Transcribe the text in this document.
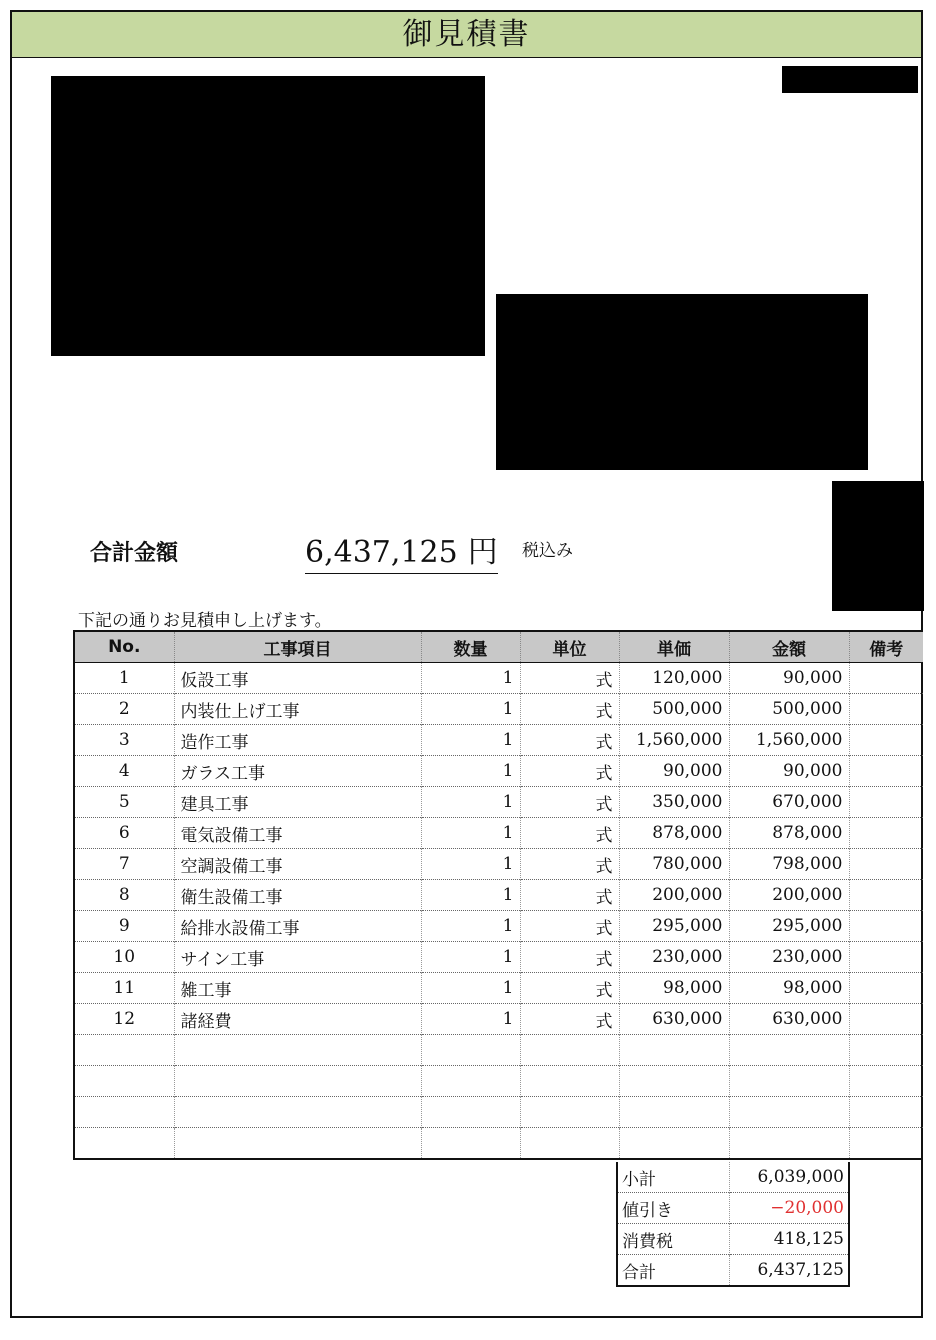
御見積書
合計金額	6,437,125 円 税込み
下記の通りお見積申し上げます。
No.	工事項目	数量	単位	単価	金額	備考
1	仮設工事	1	式	120,000	90,000	
2	内装仕上げ工事	1	式	500,000	500,000	
3	造作工事	1	式	1,560,000	1,560,000	
4	ガラス工事	1	式	90,000	90,000	
5	建具工事	1	式	350,000	670,000	
6	電気設備工事	1	式	878,000	878,000	
7	空調設備工事	1	式	780,000	798,000	
8	衛生設備工事	1	式	200,000	200,000	
9	給排水設備工事	1	式	295,000	295,000	
10	サイン工事	1	式	230,000	230,000	
11	雑工事	1	式	98,000	98,000	
12	諸経費	1	式	630,000	630,000	

小計	6,039,000
値引き	−20,000
消費税	418,125
合計	6,437,125
